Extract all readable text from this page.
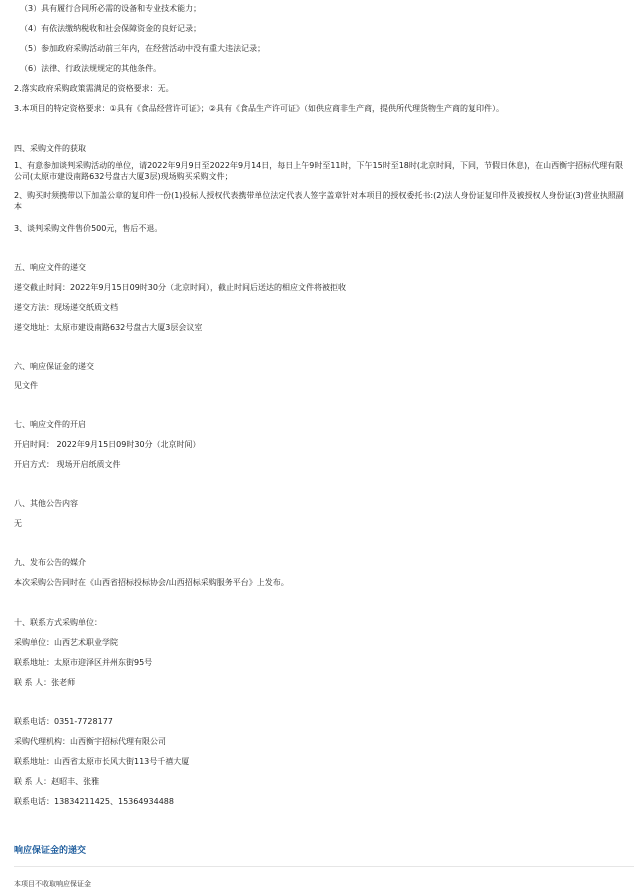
（3）具有履行合同所必需的设备和专业技术能力；
（4）有依法缴纳税收和社会保障资金的良好记录；
（5）参加政府采购活动前三年内，在经营活动中没有重大违法记录；
（6）法律、行政法规规定的其他条件。
2.落实政府采购政策需满足的资格要求：无。
3.本项目的特定资格要求：①具有《食品经营许可证》；②具有《食品生产许可证》（如供应商非生产商，提供所代理货物生产商的复印件）。
四、采购文件的获取
1、有意参加谈判采购活动的单位，请2022年9月9日至2022年9月14日，每日上午9时至11时，下午15时至18时(北京时间，下同，节假日休息)，在山西衡宇招标代理有限公司(太原市建设南路632号盘古大厦3层)现场购买采购文件；
2、购买时须携带以下加盖公章的复印件一份(1)投标人授权代表携带单位法定代表人签字盖章针对本项目的授权委托书:(2)法人身份证复印件及被授权人身份证(3)营业执照副本
3、谈判采购文件售价500元，售后不退。
五、响应文件的递交
递交截止时间：2022年9月15日09时30分（北京时间），截止时间后送达的相应文件将被拒收
递交方法：现场递交纸质文档
递交地址：太原市建设南路632号盘古大厦3层会议室
六、响应保证金的递交
见文件
七、响应文件的开启
开启时间： 2022年9月15日09时30分（北京时间）
开启方式： 现场开启纸质文件
八、其他公告内容
无
九、发布公告的媒介
本次采购公告同时在《山西省招标投标协会/山西招标采购服务平台》上发布。
十、联系方式采购单位：
采购单位：山西艺术职业学院
联系地址：太原市迎泽区并州东街95号
联 系 人：张老师
联系电话：0351-7728177
采购代理机构：山西衡宇招标代理有限公司
联系地址：山西省太原市长风大街113号千禧大厦
联 系 人：赵昭丰、张雅
联系电话：13834211425、15364934488
响应保证金的递交
本项目不收取响应保证金
